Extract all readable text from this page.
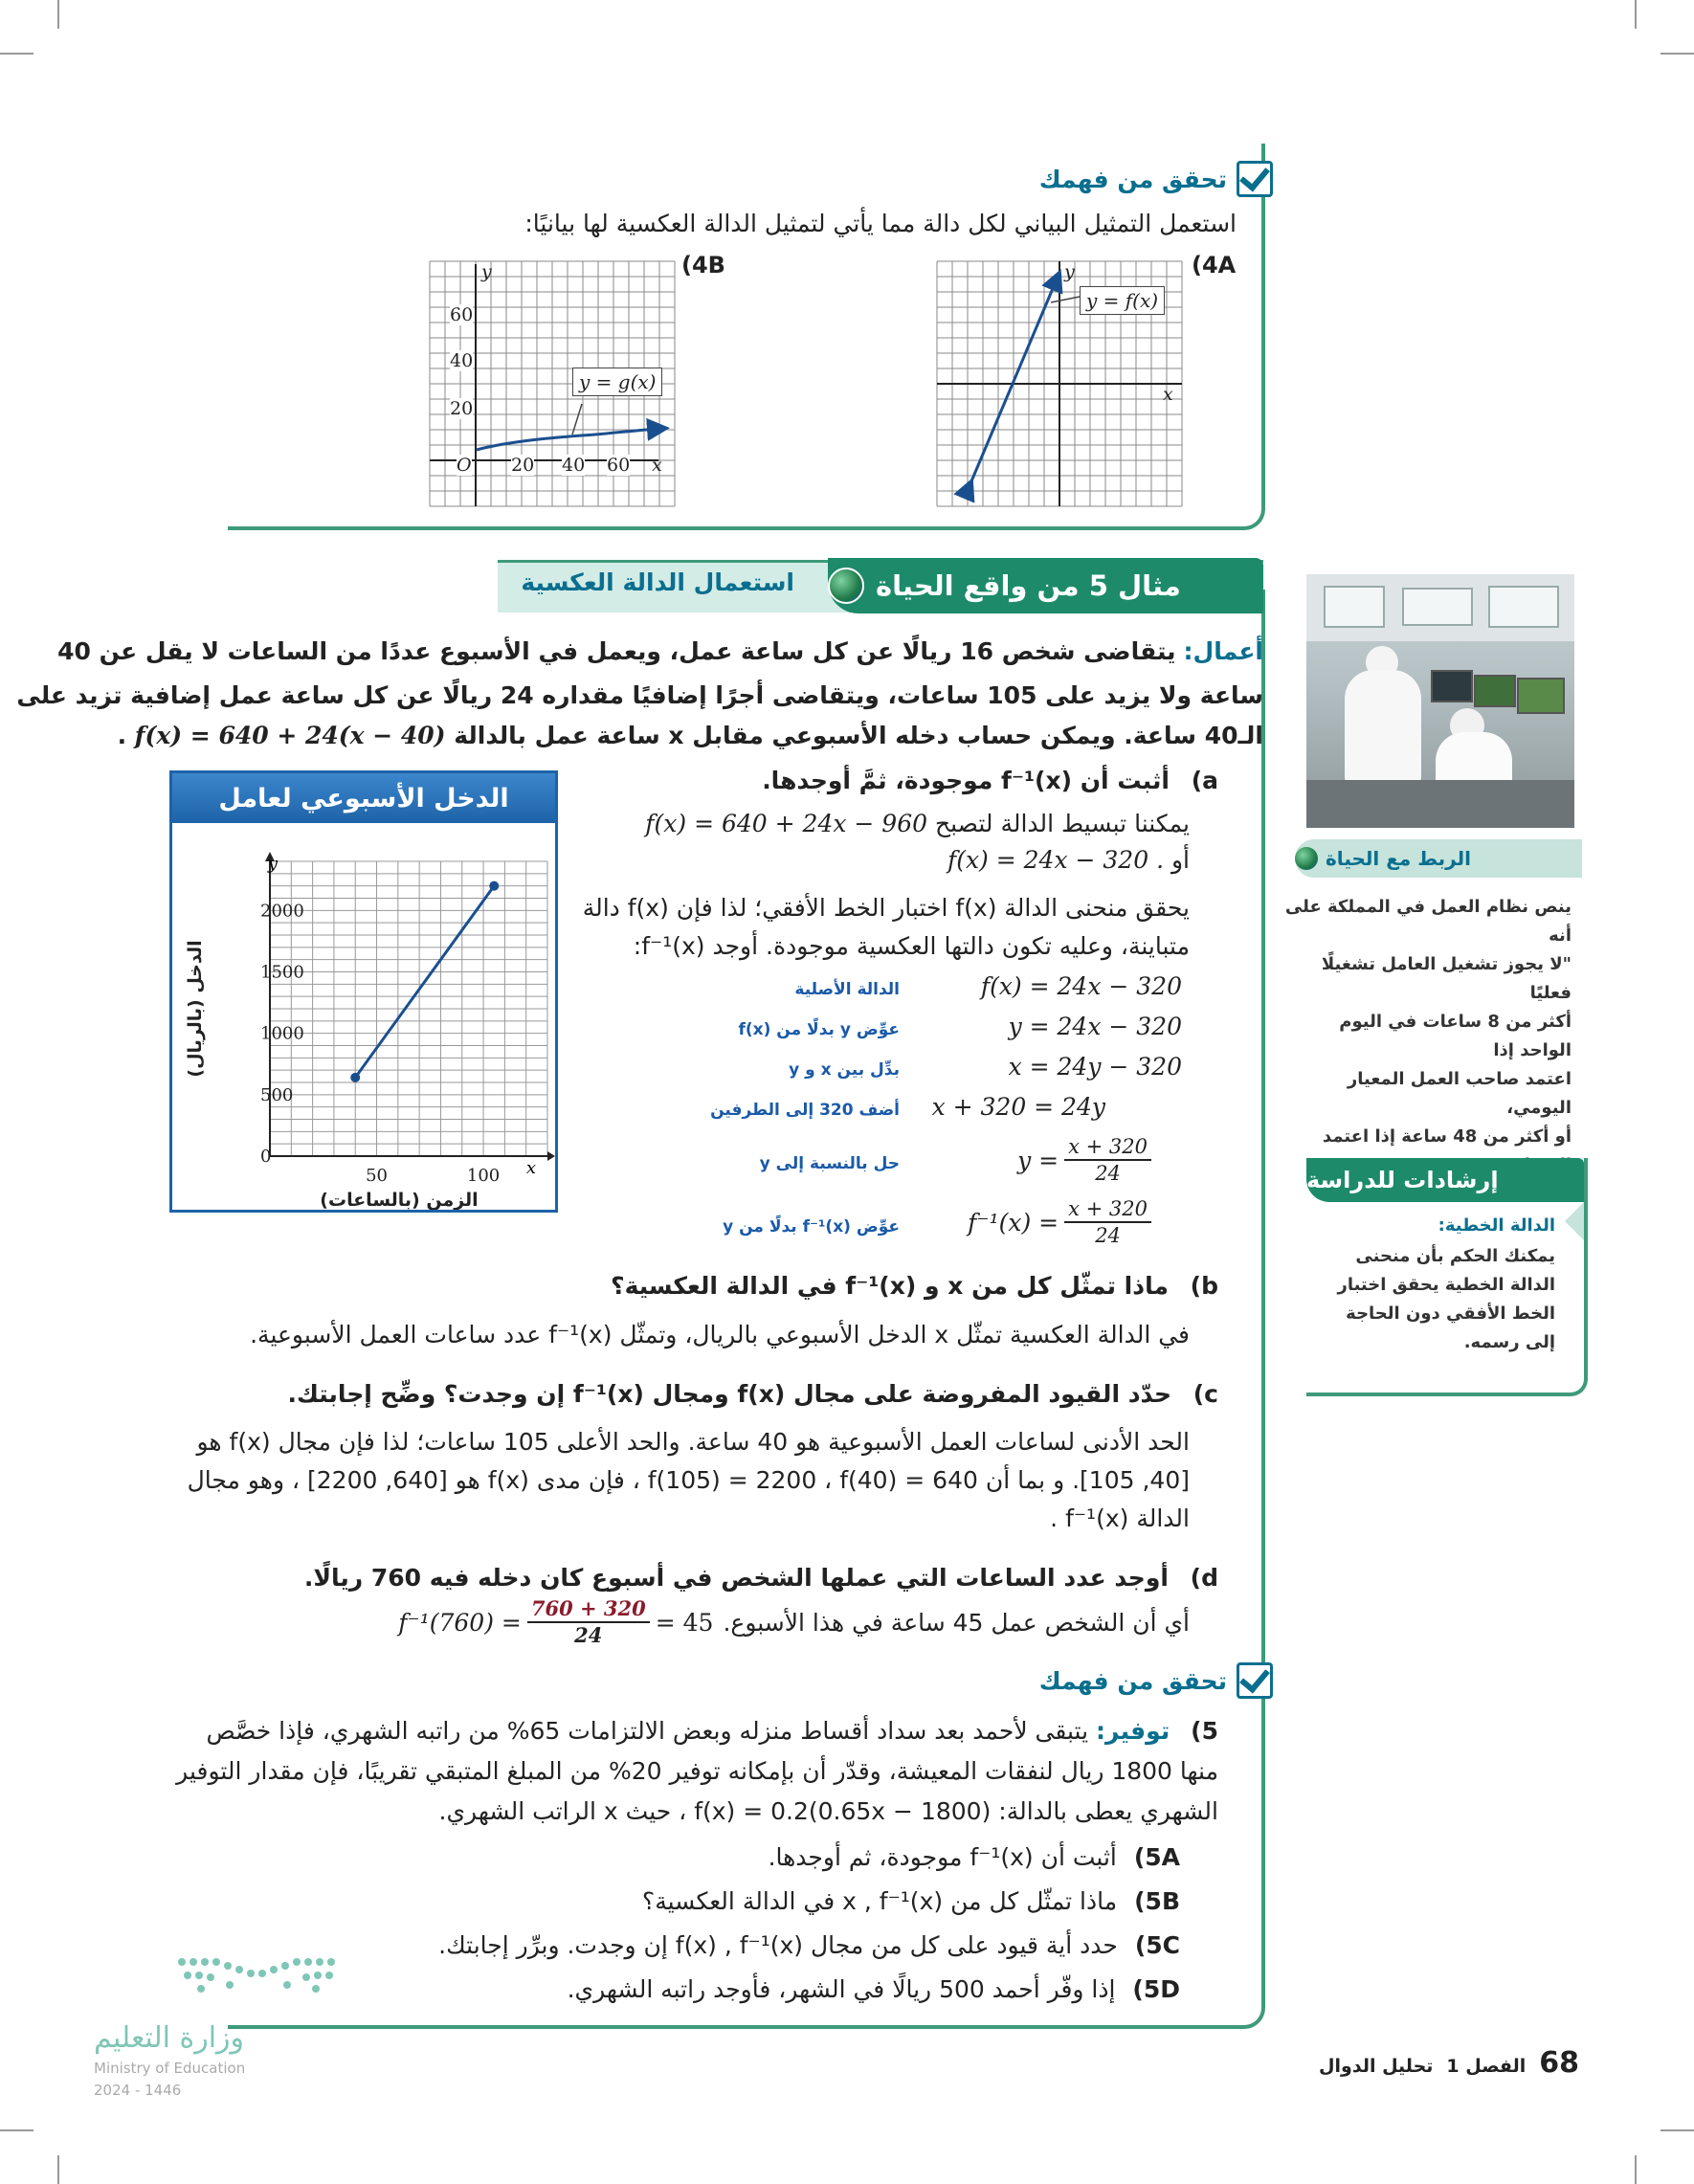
تحقق من فهمك
استعمل التمثيل البياني لكل دالة مما يأتي لتمثيل الدالة العكسية لها بيانيًا:
4A)
4B)
y = f(x)
x
y
y = g(x)
y
x
O 20 40 60
20
40
60
مثال 5 من واقع الحياة
استعمال الدالة العكسية
أعمال: يتقاضى شخص 16 ريالًا عن كل ساعة عمل، ويعمل في الأسبوع عددًا من الساعات لا يقل عن 40
ساعة ولا يزيد على 105 ساعات، ويتقاضى أجرًا إضافيًا مقداره 24 ريالًا عن كل ساعة عمل إضافية تزيد على
الـ40 ساعة. ويمكن حساب دخله الأسبوعي مقابل x ساعة عمل بالدالة f(x) = 640 + 24(x − 40) .
a) أثبت أن f⁻¹(x) موجودة، ثمَّ أوجدها.
يمكننا تبسيط الدالة لتصبح f(x) = 640 + 24x − 960
أو f(x) = 24x − 320 .
يحقق منحنى الدالة f(x) اختبار الخط الأفقي؛ لذا فإن f(x) دالة
متباينة، وعليه تكون دالتها العكسية موجودة. أوجد f⁻¹(x):
f(x) = 24x − 320
الدالة الأصلية
y = 24x − 320
عوِّض y بدلًا من f(x)
x = 24y − 320
بدِّل بين x و y
x + 320 = 24y
أضف 320 إلى الطرفين
$y = \frac{x + 320}{24}$
حل بالنسبة إلى y
$f^{-1}(x) = \frac{x + 320}{24}$
عوِّض f⁻¹(x) بدلًا من y
b) ماذا تمثّل كل من x و f⁻¹(x) في الدالة العكسية؟
في الدالة العكسية تمثّل x الدخل الأسبوعي بالريال، وتمثّل f⁻¹(x) عدد ساعات العمل الأسبوعية.
c) حدّد القيود المفروضة على مجال f(x) ومجال f⁻¹(x) إن وجدت؟ وضِّح إجابتك.
الحد الأدنى لساعات العمل الأسبوعية هو 40 ساعة. والحد الأعلى 105 ساعات؛ لذا فإن مجال f(x) هو
[40, 105]. و بما أن f(105) = 2200 ، f(40) = 640 ، فإن مدى f(x) هو [640, 2200] ، وهو مجال
الدالة f⁻¹(x) .
d) أوجد عدد الساعات التي عملها الشخص في أسبوع كان دخله فيه 760 ريالًا.
أي أن الشخص عمل 45 ساعة في هذا الأسبوع.
$f^{-1}(760) = \frac{760 + 320}{24} = 45$
الدخل الأسبوعي لعامل
0
500
1000
1500
2000
50	100
y
x
الزمن (بالساعات)
الدخل (بالريال)
تحقق من فهمك
5) توفير: يتبقى لأحمد بعد سداد أقساط منزله وبعض الالتزامات 65% من راتبه الشهري، فإذا خصَّص
منها 1800 ريال لنفقات المعيشة، وقدّر أن بإمكانه توفير 20% من المبلغ المتبقي تقريبًا، فإن مقدار التوفير
الشهري يعطى بالدالة: f(x) = 0.2(0.65x − 1800) ، حيث x الراتب الشهري.
5A) أثبت أن f⁻¹(x) موجودة، ثم أوجدها.
5B) ماذا تمثّل كل من x , f⁻¹(x) في الدالة العكسية؟
5C) حدد أية قيود على كل من مجال f(x) , f⁻¹(x) إن وجدت. وبرِّر إجابتك.
5D) إذا وفّر أحمد 500 ريالًا في الشهر، فأوجد راتبه الشهري.
الربط مع الحياة
ينص نظام العمل في المملكة على أنه
"لا يجوز تشغيل العامل تشغيلًا فعليًا
أكثر من 8 ساعات في اليوم الواحد إذا
اعتمد صاحب العمل المعيار اليومي،
أو أكثر من 48 ساعة إذا اعتمد
إرشادات للدراسة
الدالة الخطية:
يمكنك الحكم بأن منحنى
الدالة الخطية يحقق اختبار
الخط الأفقي دون الحاجة
إلى رسمه.
وزارة التعليم
Ministry of Education
2024 - 1446
68
الفصل 1
تحليل الدوال
